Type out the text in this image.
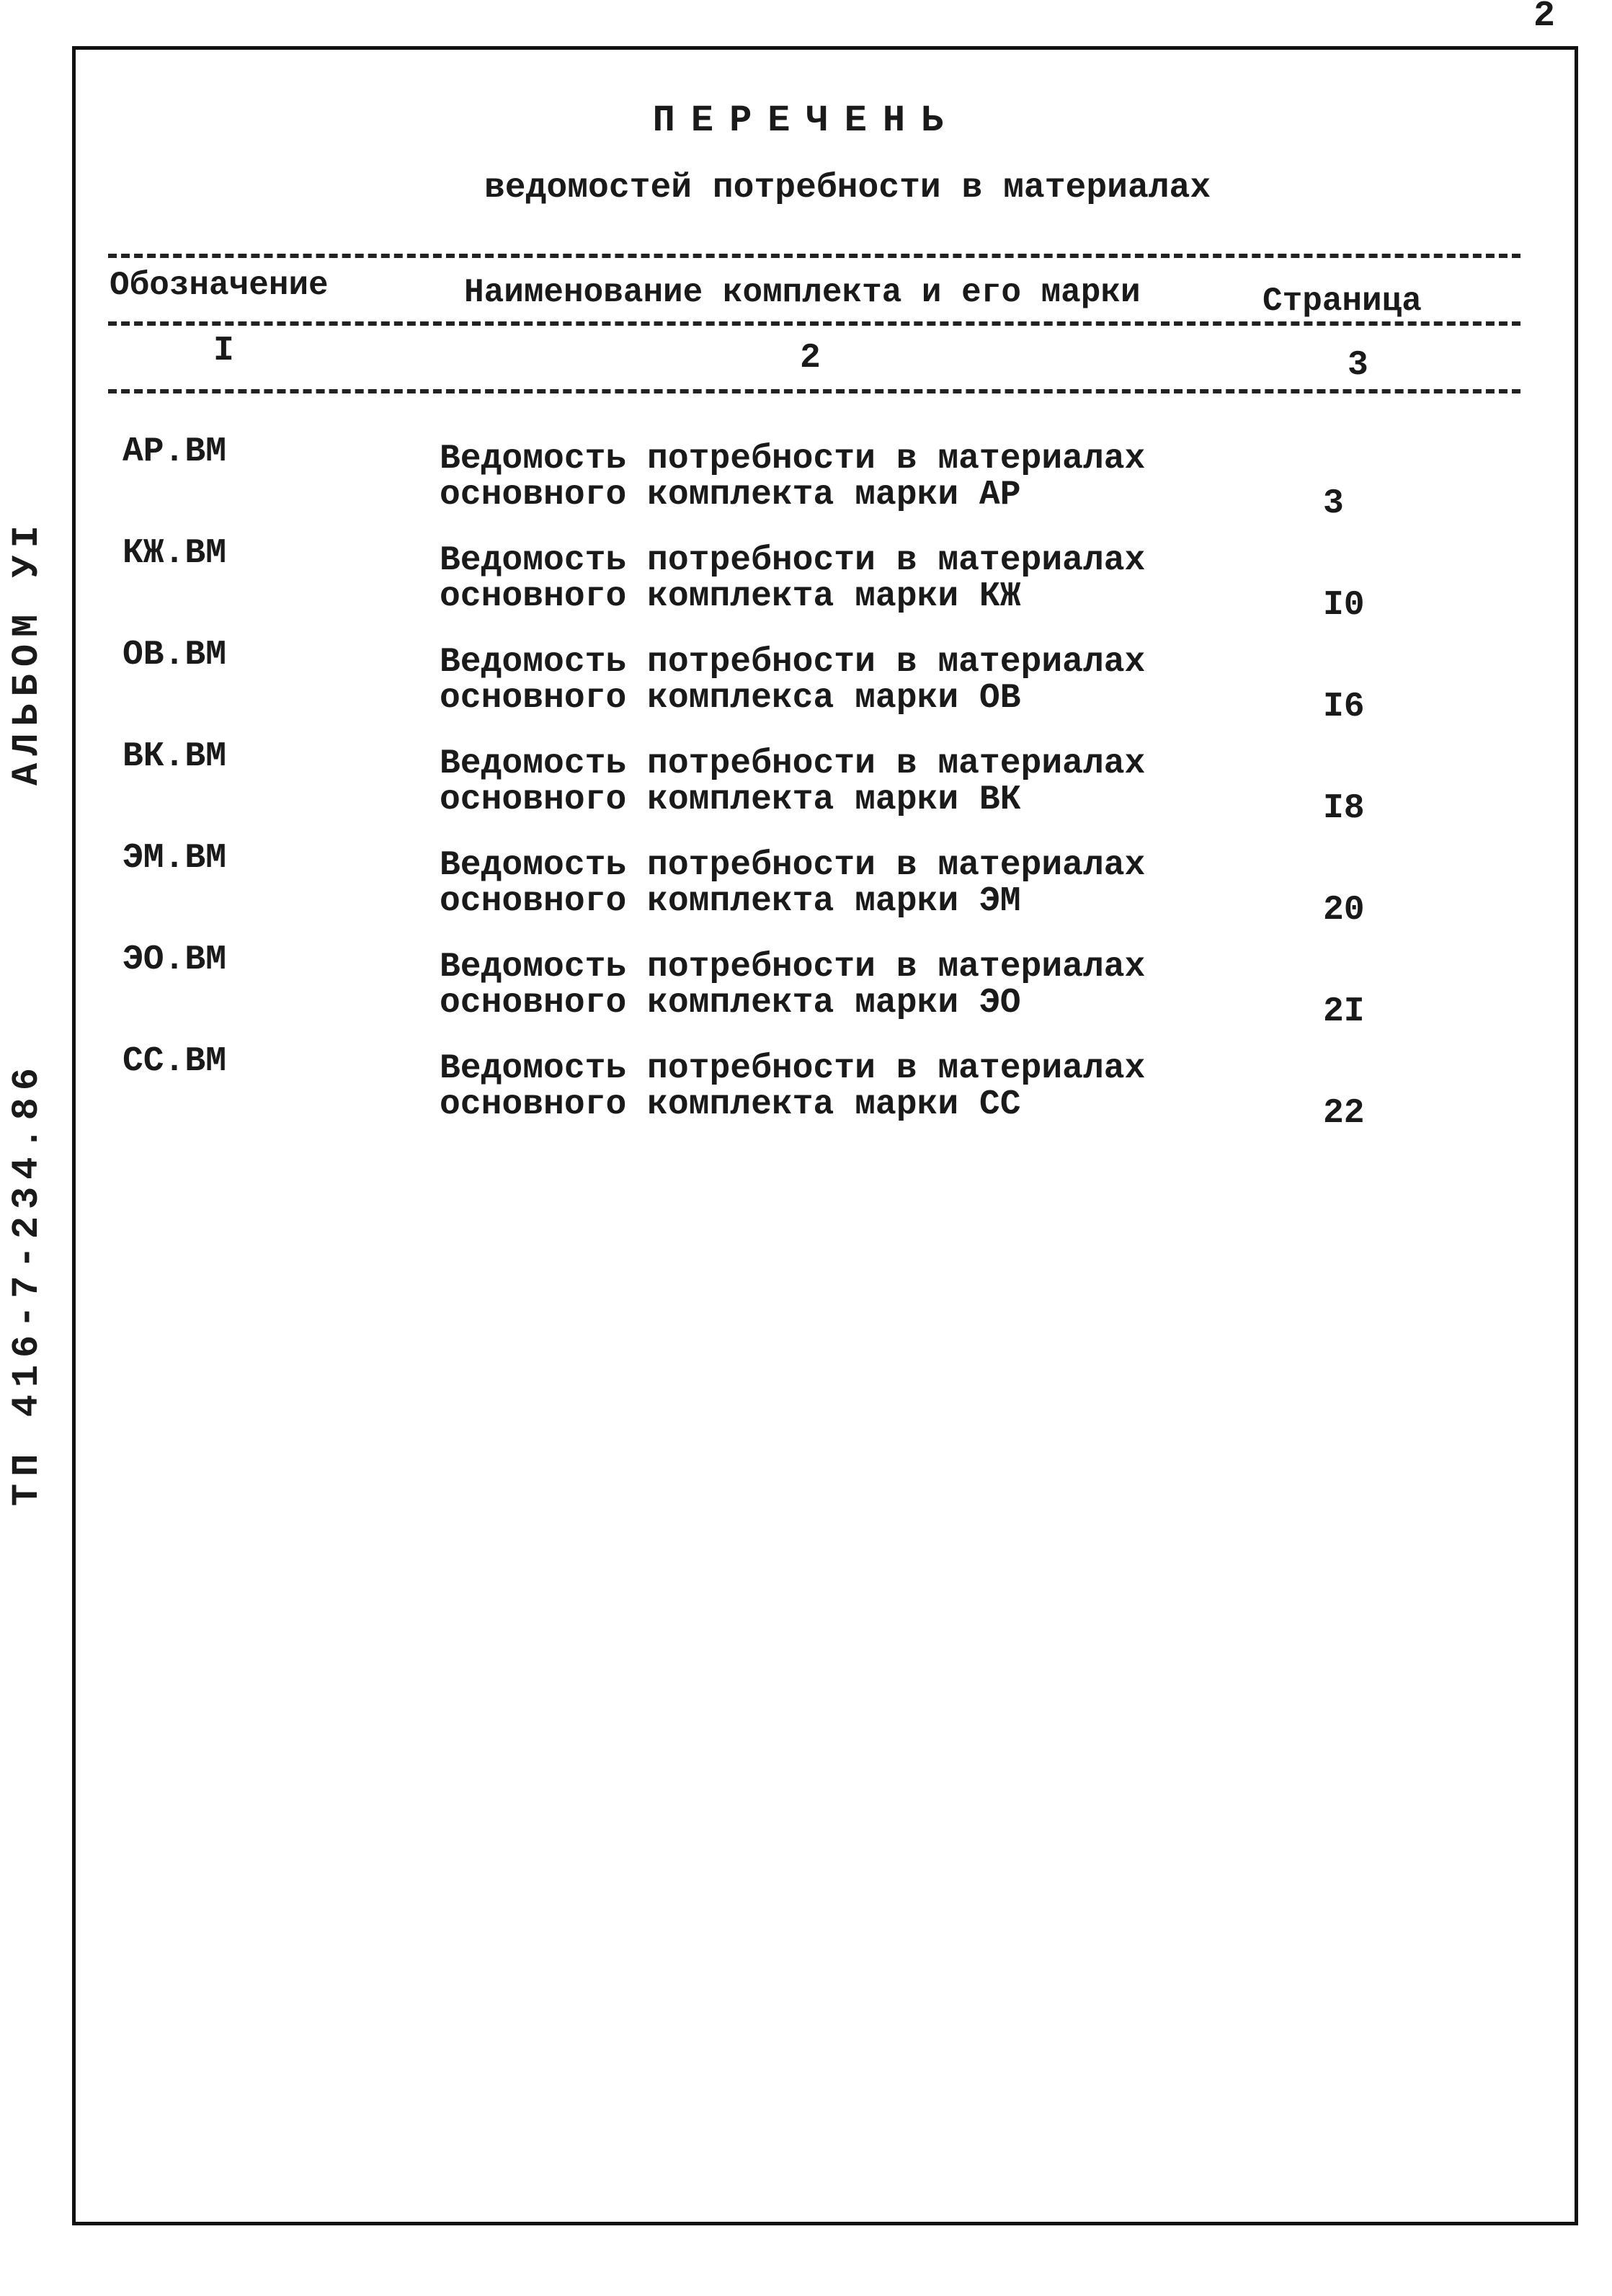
2
АЛЬБОМ УI
ТП 416-7-234.86
ПЕРЕЧЕНЬ
ведомостей потребности в материалах
Обозначение	Наименование комплекта и его марки	Страница
I	2	3
АР.ВМ	Ведомость потребности в материалах
основного комплекта марки АР	3
КЖ.ВМ	Ведомость потребности в материалах
основного комплекта марки КЖ	I0
ОВ.ВМ	Ведомость потребности в материалах
основного комплекса марки ОВ	I6
ВК.ВМ	Ведомость потребности в материалах
основного комплекта марки ВК	I8
ЭМ.ВМ	Ведомость потребности в материалах
основного комплекта марки ЭМ	20
ЭО.ВМ	Ведомость потребности в материалах
основного комплекта марки ЭО	2I
СС.ВМ	Ведомость потребности в материалах
основного комплекта марки СС	22
